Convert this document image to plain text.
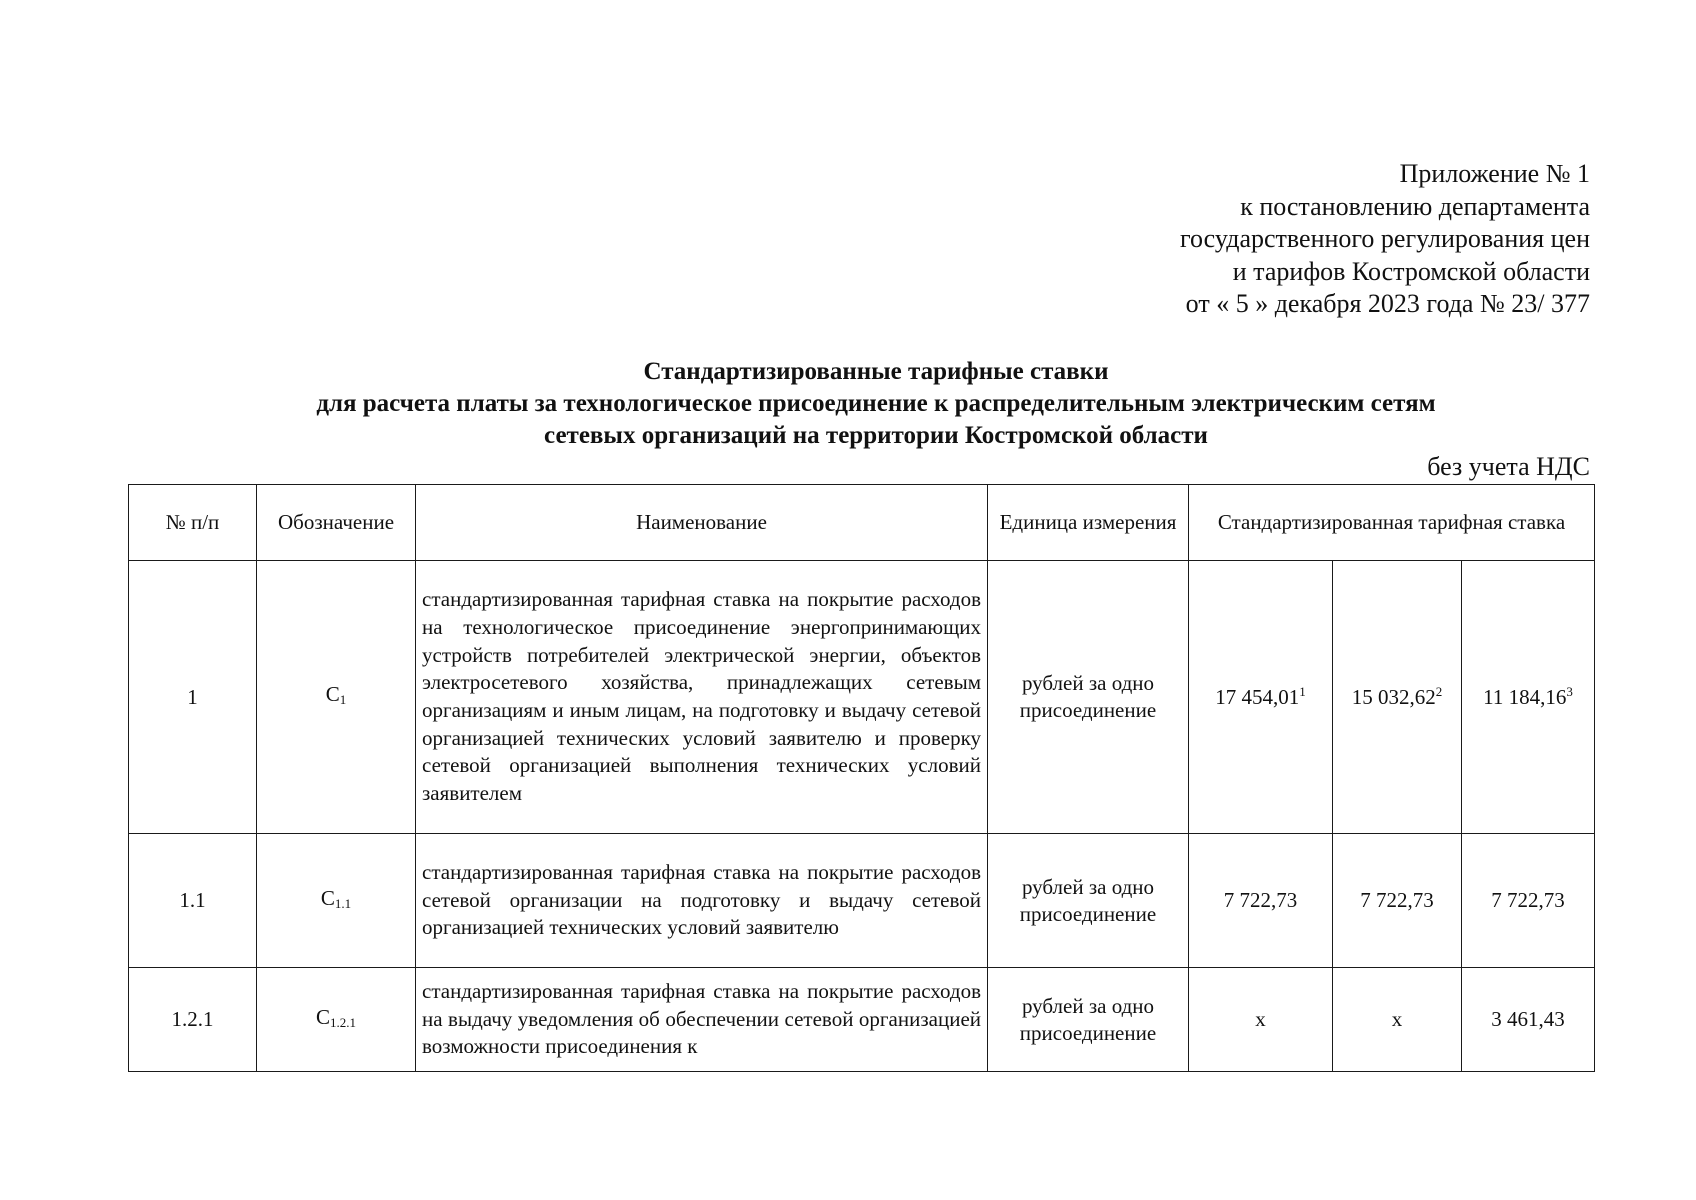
Приложение № 1
к постановлению департамента
государственного регулирования цен
и тарифов Костромской области
от « 5 » декабря 2023 года № 23/ 377
Стандартизированные тарифные ставки
для расчета платы за технологическое присоединение к распределительным электрическим сетям
сетевых организаций на территории Костромской области
без учета НДС
№ п/п	Обозначение	Наименование	Единица измерения	Стандартизированная тарифная ставка		
1	$С_1$	стандартизированная тарифная ставка на покрытие расходов на технологическое присоединение энергопринимающих устройств потребителей электрической энергии, объектов электросетевого хозяйства, принадлежащих сетевым организациям и иным лицам, на подготовку и выдачу сетевой организацией технических условий заявителю и проверку сетевой организацией выполнения технических условий заявителем	рублей за одно присоединение	17 454,01$^1$	15 032,62$^2$	11 184,16$^3$
1.1	$С_{1.1}$	стандартизированная тарифная ставка на покрытие расходов сетевой организации на подготовку и выдачу сетевой организацией технических условий заявителю	рублей за одно присоединение	7 722,73	7 722,73	7 722,73
1.2.1	$С_{1.2.1}$	стандартизированная тарифная ставка на покрытие расходов на выдачу уведомления об обеспечении сетевой организацией возможности присоединения к	рублей за одно присоединение	х	х	3 461,43
